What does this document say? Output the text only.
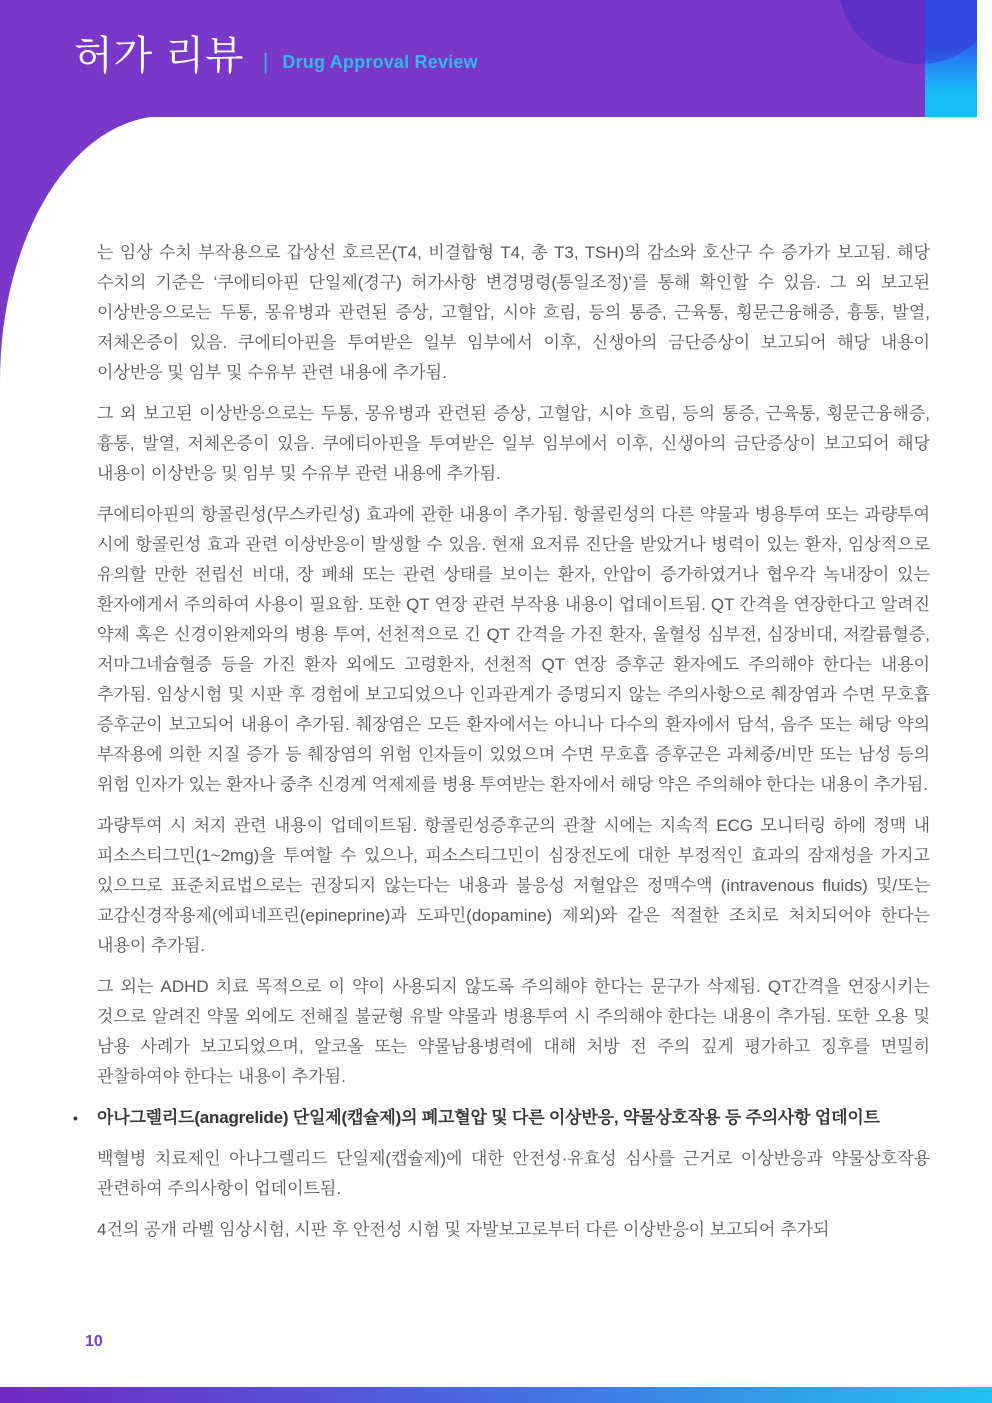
허가 리뷰 | Drug Approval Review

는 임상 수치 부작용으로 갑상선 호르몬(T4, 비결합형 T4, 총 T3, TSH)의 감소와 호산구 수 증가가 보고됨. 해당 수치의 기준은 ‘쿠에티아핀 단일제(경구) 허가사항 변경명령(통일조정)’를 통해 확인할 수 있음. 그 외 보고된 이상반응으로는 두통, 몽유병과 관련된 증상, 고혈압, 시야 흐림, 등의 통증, 근육통, 횡문근융해증, 흉통, 발열, 저체온증이 있음. 쿠에티아핀을 투여받은 일부 임부에서 이후, 신생아의 금단증상이 보고되어 해당 내용이 이상반응 및 임부 및 수유부 관련 내용에 추가됨.

그 외 보고된 이상반응으로는 두통, 몽유병과 관련된 증상, 고혈압, 시야 흐림, 등의 통증, 근육통, 횡문근융해증, 흉통, 발열, 저체온증이 있음. 쿠에티아핀을 투여받은 일부 임부에서 이후, 신생아의 금단증상이 보고되어 해당 내용이 이상반응 및 임부 및 수유부 관련 내용에 추가됨.

쿠에티아핀의 항콜린성(무스카린성) 효과에 관한 내용이 추가됨. 항콜린성의 다른 약물과 병용투여 또는 과량투여 시에 항콜린성 효과 관련 이상반응이 발생할 수 있음. 현재 요저류 진단을 받았거나 병력이 있는 환자, 임상적으로 유의할 만한 전립선 비대, 장 폐쇄 또는 관련 상태를 보이는 환자, 안압이 증가하였거나 협우각 녹내장이 있는 환자에게서 주의하여 사용이 필요함. 또한 QT 연장 관련 부작용 내용이 업데이트됨. QT 간격을 연장한다고 알려진 약제 혹은 신경이완제와의 병용 투여, 선천적으로 긴 QT 간격을 가진 환자, 울혈성 심부전, 심장비대, 저칼륨혈증, 저마그네슘혈증 등을 가진 환자 외에도 고령환자, 선천적 QT 연장 증후군 환자에도 주의해야 한다는 내용이 추가됨. 임상시험 및 시판 후 경험에 보고되었으나 인과관계가 증명되지 않는 주의사항으로 췌장염과 수면 무호흡 증후군이 보고되어 내용이 추가됨. 췌장염은 모든 환자에서는 아니나 다수의 환자에서 담석, 음주 또는 해당 약의 부작용에 의한 지질 증가 등 췌장염의 위험 인자들이 있었으며 수면 무호흡 증후군은 과체중/비만 또는 남성 등의 위험 인자가 있는 환자나 중추 신경계 억제제를 병용 투여받는 환자에서 해당 약은 주의해야 한다는 내용이 추가됨.

과량투여 시 처지 관련 내용이 업데이트됨. 항콜린성증후군의 관찰 시에는 지속적 ECG 모니터링 하에 정맥 내 피소스티그민(1~2mg)을 투여할 수 있으나, 피소스티그민이 심장전도에 대한 부정적인 효과의 잠재성을 가지고 있으므로 표준치료법으로는 권장되지 않는다는 내용과 불응성 저혈압은 정맥수액 (intravenous fluids) 및/또는 교감신경작용제(에피네프린(epineprine)과 도파민(dopamine) 제외)와 같은 적절한 조치로 처치되어야 한다는 내용이 추가됨.

그 외는 ADHD 치료 목적으로 이 약이 사용되지 않도록 주의해야 한다는 문구가 삭제됨. QT간격을 연장시키는 것으로 알려진 약물 외에도 전해질 불균형 유발 약물과 병용투여 시 주의해야 한다는 내용이 추가됨. 또한 오용 및 남용 사례가 보고되었으며, 알코올 또는 약물남용병력에 대해 처방 전 주의 깊게 평가하고 징후를 면밀히 관찰하여야 한다는 내용이 추가됨.

•	아나그렐리드(anagrelide) 단일제(캡슐제)의 폐고혈압 및 다른 이상반응, 약물상호작용 등 주의사항 업데이트

백혈병 치료제인 아나그렐리드 단일제(캡슐제)에 대한 안전성·유효성 심사를 근거로 이상반응과 약물상호작용 관련하여 주의사항이 업데이트됨.

4건의 공개 라벨 임상시험, 시판 후 안전성 시험 및 자발보고로부터 다른 이상반응이 보고되어 추가되

10
